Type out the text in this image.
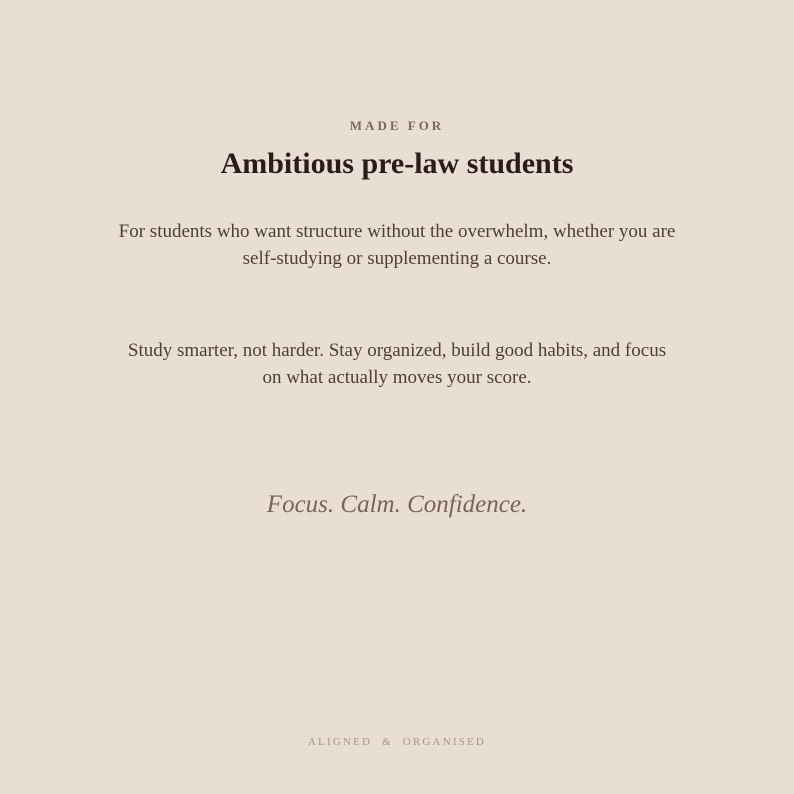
MADE FOR
Ambitious pre-law students

For students who want structure without the overwhelm, whether you are self-studying or supplementing a course.

Study smarter, not harder. Stay organized, build good habits, and focus on what actually moves your score.

Focus. Calm. Confidence.
ALIGNED  &  ORGANISED
